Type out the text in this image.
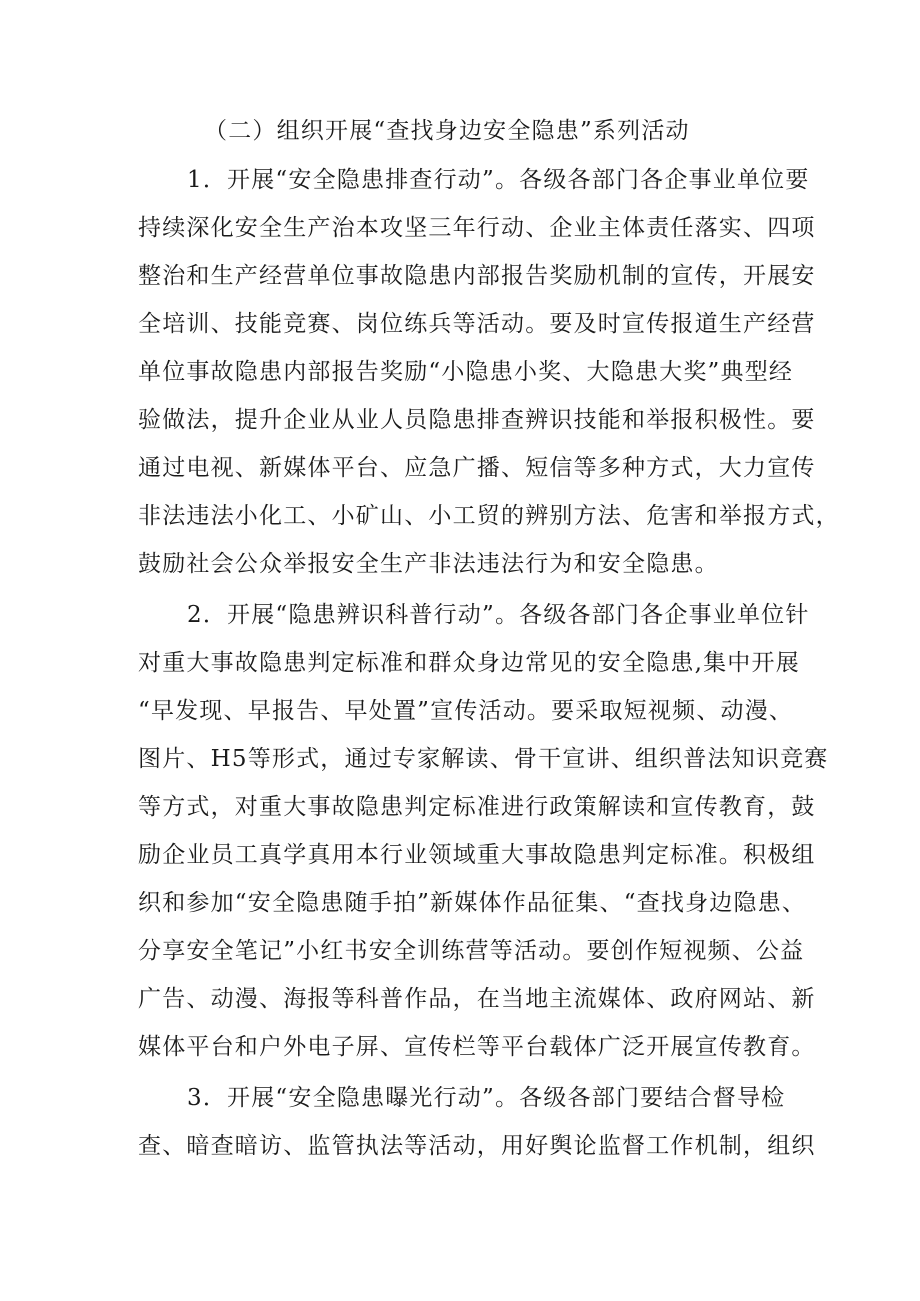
（二）组织开展“查找身边安全隐患”系列活动
1．开展“安全隐患排查行动”。各级各部门各企事业单位要
持续深化安全生产治本攻坚三年行动、企业主体责任落实、四项
整治和生产经营单位事故隐患内部报告奖励机制的宣传，开展安
全培训、技能竞赛、岗位练兵等活动。要及时宣传报道生产经营
单位事故隐患内部报告奖励“小隐患小奖、大隐患大奖”典型经
验做法，提升企业从业人员隐患排查辨识技能和举报积极性。要
通过电视、新媒体平台、应急广播、短信等多种方式，大力宣传
非法违法小化工、小矿山、小工贸的辨别方法、危害和举报方式，
鼓励社会公众举报安全生产非法违法行为和安全隐患。
2．开展“隐患辨识科普行动”。各级各部门各企事业单位针
对重大事故隐患判定标准和群众身边常见的安全隐患,集中开展
“早发现、早报告、早处置”宣传活动。要采取短视频、动漫、
图片、H5等形式，通过专家解读、骨干宣讲、组织普法知识竞赛
等方式，对重大事故隐患判定标准进行政策解读和宣传教育，鼓
励企业员工真学真用本行业领域重大事故隐患判定标准。积极组
织和参加“安全隐患随手拍”新媒体作品征集、“查找身边隐患、
分享安全笔记”小红书安全训练营等活动。要创作短视频、公益
广告、动漫、海报等科普作品，在当地主流媒体、政府网站、新
媒体平台和户外电子屏、宣传栏等平台载体广泛开展宣传教育。
3．开展“安全隐患曝光行动”。各级各部门要结合督导检
查、暗查暗访、监管执法等活动，用好舆论监督工作机制，组织
